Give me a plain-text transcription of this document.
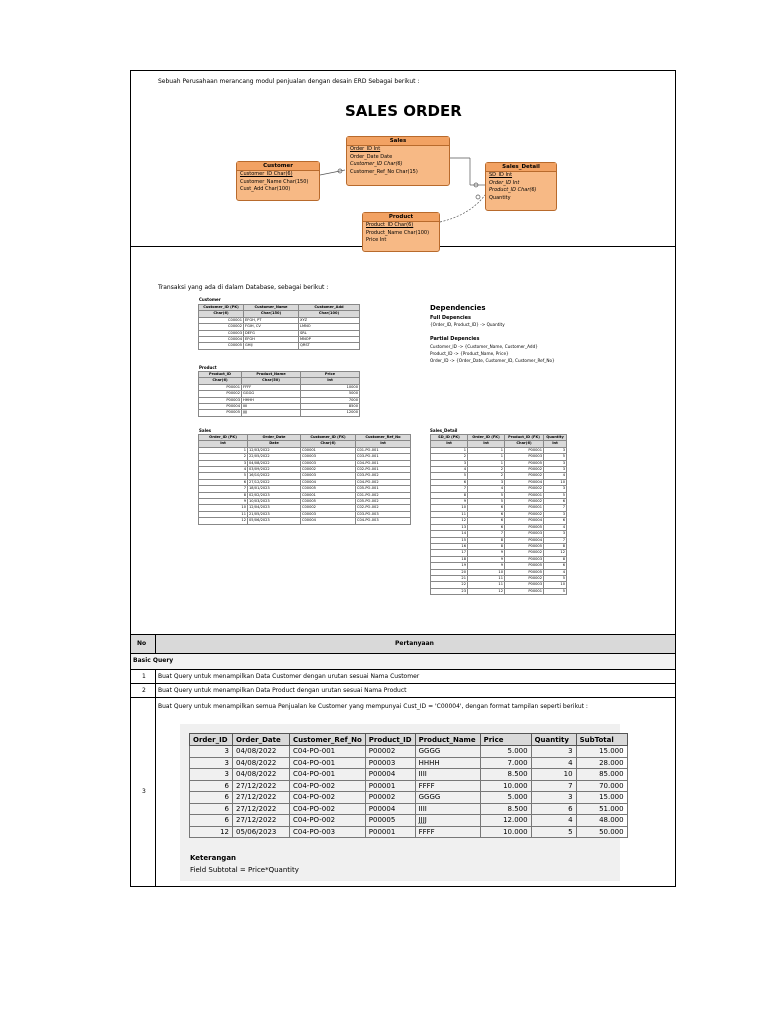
Sebuah Perusahaan merancang modul penjualan dengan desain ERD Sebagai berikut :
SALES ORDER
Sales
Order_ID Int
Order_Date Date
Customer_ID Char(6)
Customer_Ref_No Char(15)
Customer
Customer_ID Char(6)
Customer_Name Char(150)
Cust_Add Char(100)
Sales_Detail
SD_ID Int
Order_ID Int
Product_ID Char(6)
Quantity
Product
Product_ID Char(6)
Product_Name Char(100)
Price Int
Transaksi yang ada di dalam Database, sebagai berikut :
Customer
Customer_ID (PK)	Customer_Name	Customer_Add
Char(6)	Char(150)	Char(100)
C00001	EFGH, PT	XYZ
C00002	FGIH, CV	LMNO
C00003	DEFG	SRL
C00004	EFGH	MNOP
C00005	GHIJ	QRST
Product
Product_ID	Product_Name	Price
Char(6)	Char(50)	Int
P00001	FFFF	10000
P00002	GGGG	5000
P00003	HHHH	7000
P00004	IIII	8500
P00005	JJJJ	12000
Sales
Order_ID (PK)	Order_Date	Customer_ID (FK)	Customer_Ref_No
Int	Date	Char(6)	Int
1	12/03/2022	C00001	C01-PO-001
2	22/05/2022	C00003	C03-PO-001
3	04/08/2022	C00003	C04-PO-001
4	03/09/2022	C00002	C02-PO-001
5	16/10/2022	C00003	C03-PO-002
6	27/12/2022	C00004	C04-PO-002
7	18/01/2023	C00005	C05-PO-001
8	02/02/2023	C00001	C01-PO-002
9	10/03/2023	C00005	C05-PO-002
10	12/04/2023	C00002	C02-PO-002
11	21/05/2023	C00003	C03-PO-003
12	05/06/2023	C00004	C04-PO-003
Dependencies
Full Depencies
{Order_ID, Product_ID} -> Quantity
Partial Depencies
Customer_ID -> {Customer_Name, Customer_Add}
Product_ID -> {Product_Name, Price}
Order_ID -> {Order_Date, Customer_ID, Customer_Ref_No}
Sales_Detail
SD_ID (PK)	Order_ID (FK)	Product_ID (FK)	Quantity
Int	Int	Char(6)	Int
1	1	P00001	3
2	1	P00003	5
3	1	P00005	3
4	2	P00002	3
5	2	P00002	4
6	3	P00004	10
7	4	P00002	3
8	5	P00001	5
9	5	P00002	6
10	6	P00001	7
11	6	P00002	3
12	6	P00004	6
13	6	P00005	4
14	7	P00003	3
15	8	P00004	7
16	8	P00005	8
17	9	P00002	12
18	9	P00003	8
19	9	P00005	6
20	10	P00005	4
21	11	P00002	5
22	11	P00003	10
23	12	P00001	5
No	Pertanyaan
Basic Query
1 Buat Query untuk menampilkan Data Customer dengan urutan sesuai Nama Customer
2 Buat Query untuk menampilkan Data Product dengan urutan sesuai Nama Product
3
Buat Query untuk menampilkan semua Penjualan ke Customer yang mempunyai Cust_ID = 'C00004', dengan format tampilan seperti berikut :
Order_ID	Order_Date	Customer_Ref_No	Product_ID	Product_Name	Price	Quantity	SubTotal
3	04/08/2022	C04-PO-001	P00002	GGGG	5.000	3	15.000
3	04/08/2022	C04-PO-001	P00003	HHHH	7.000	4	28.000
3	04/08/2022	C04-PO-001	P00004	IIII	8.500	10	85.000
6	27/12/2022	C04-PO-002	P00001	FFFF	10.000	7	70.000
6	27/12/2022	C04-PO-002	P00002	GGGG	5.000	3	15.000
6	27/12/2022	C04-PO-002	P00004	IIII	8.500	6	51.000
6	27/12/2022	C04-PO-002	P00005	JJJJ	12.000	4	48.000
12	05/06/2023	C04-PO-003	P00001	FFFF	10.000	5	50.000
Keterangan
Field Subtotal = Price*Quantity
